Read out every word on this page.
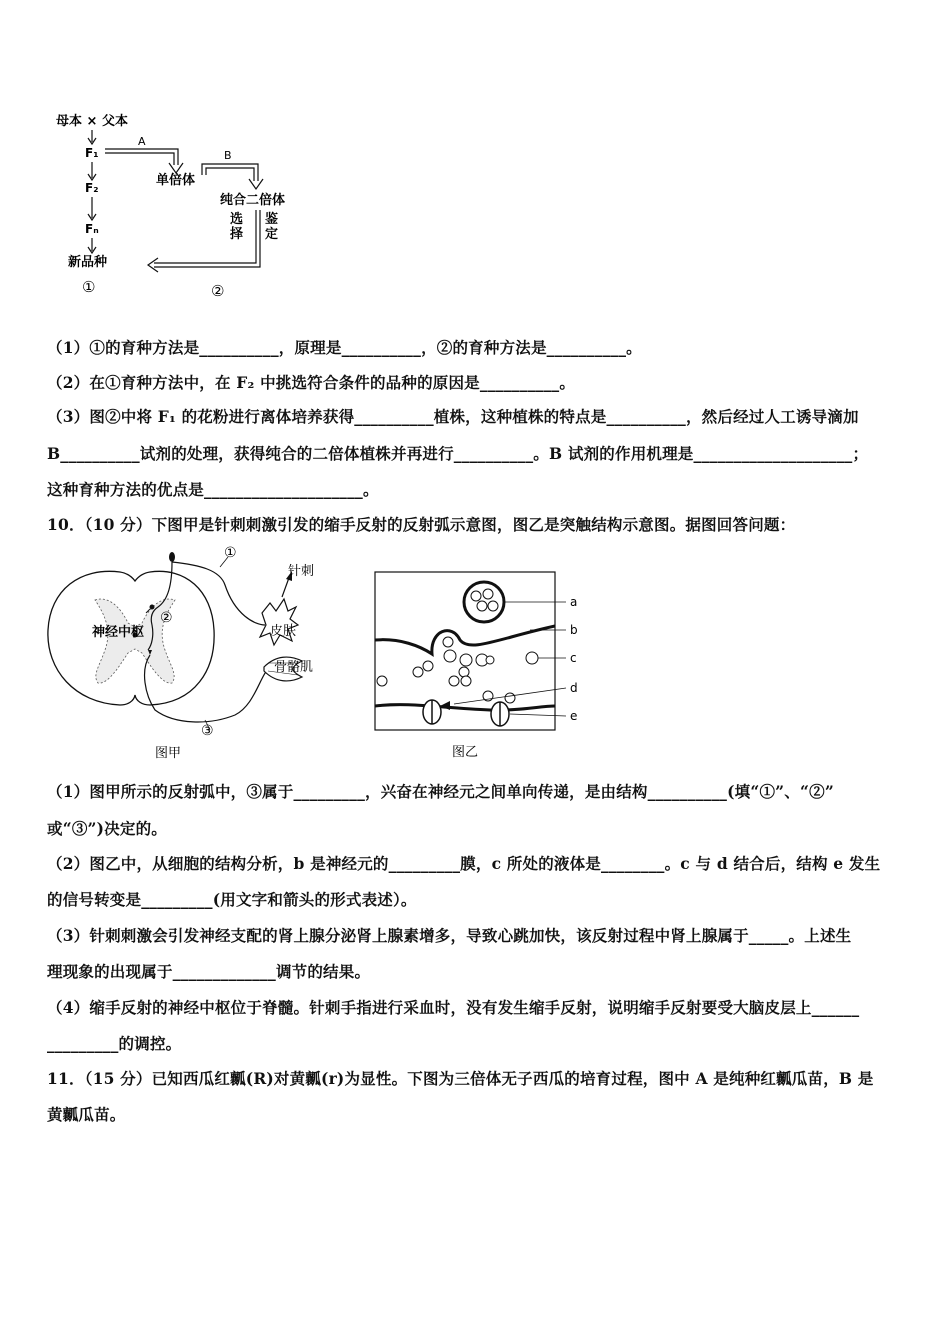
母本 × 父本
F₁
F₂
Fₙ
新品种
①
A
单倍体
B
纯合二倍体
选择
鉴定
②
（1）①的育种方法是__________，原理是__________，②的育种方法是__________。
（2）在①育种方法中，在 F₂ 中挑选符合条件的品种的原因是__________。
（3）图②中将 F₁ 的花粉进行离体培养获得__________植株，这种植株的特点是__________，然后经过人工诱导滴加
B__________试剂的处理，获得纯合的二倍体植株并再进行__________。B 试剂的作用机理是____________________；
这种育种方法的优点是____________________。
10．（10 分）下图甲是针刺刺激引发的缩手反射的反射弧示意图，图乙是突触结构示意图。据图回答问题：
神经中枢
①
②
③
针刺
皮肤
骨骼肌
图甲
a
b
c
d
e
图乙
（1）图甲所示的反射弧中，③属于_________，兴奋在神经元之间单向传递，是由结构__________(填“①”、“②”
或“③”)决定的。
（2）图乙中，从细胞的结构分析，b 是神经元的_________膜，c 所处的液体是________。c 与 d 结合后，结构 e 发生
的信号转变是_________(用文字和箭头的形式表述）。
（3）针刺刺激会引发神经支配的肾上腺分泌肾上腺素增多，导致心跳加快，该反射过程中肾上腺属于_____。上述生
理现象的出现属于_____________调节的结果。
（4）缩手反射的神经中枢位于脊髓。针刺手指进行采血时，没有发生缩手反射，说明缩手反射要受大脑皮层上______
_________的调控。
11．（15 分）已知西瓜红瓤(R)对黄瓤(r)为显性。下图为三倍体无子西瓜的培育过程，图中 A 是纯种红瓤瓜苗，B 是
黄瓤瓜苗。
